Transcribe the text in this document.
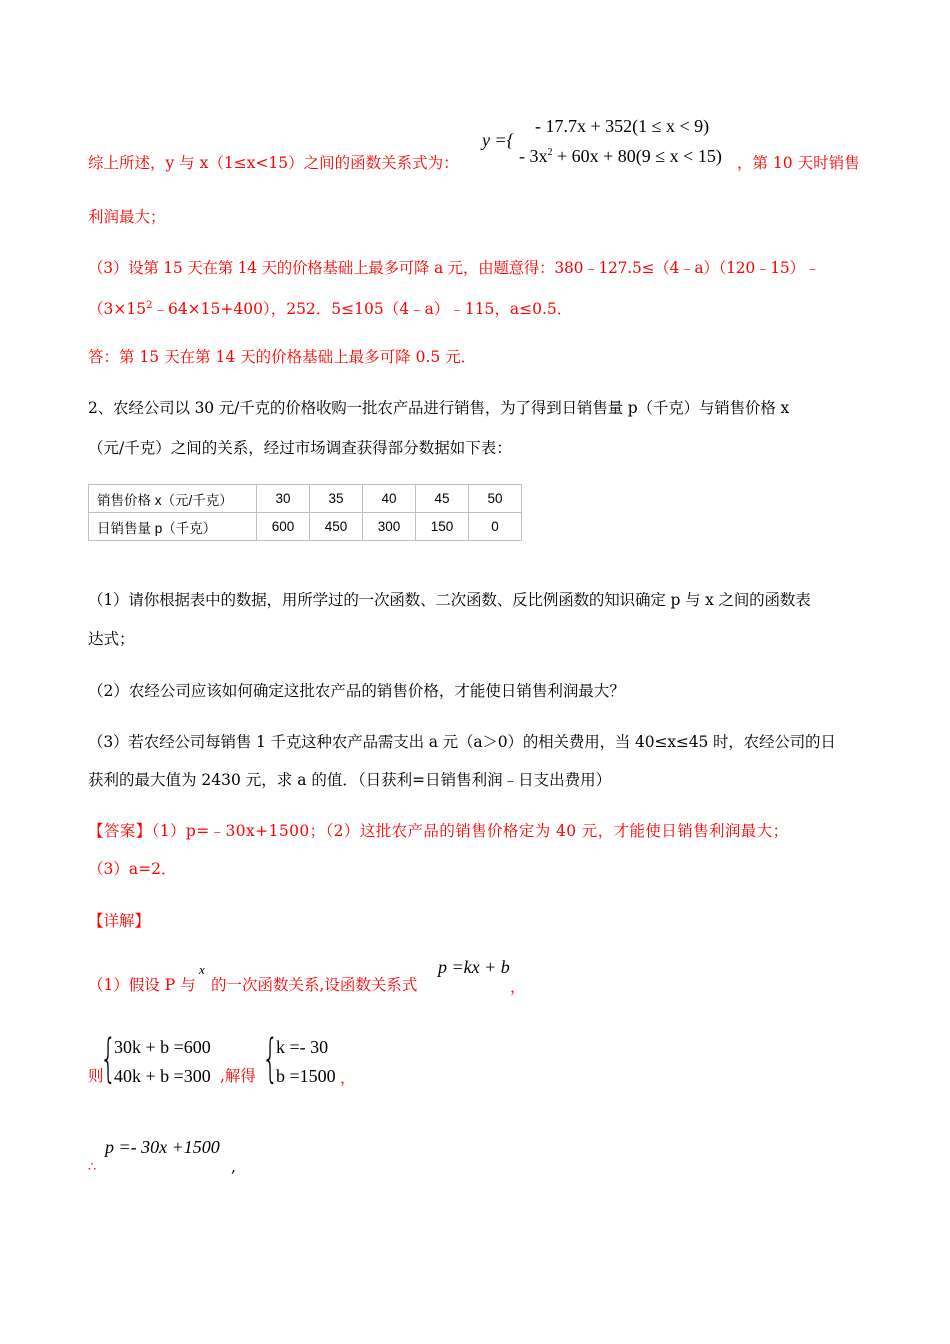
y ={
- 17.7x + 352(1 ≤ x < 9)
- $3x^2 + 60x + 80(9 \le x < 15)$
综上所述，y 与 x（1≤x<15）之间的函数关系式为：	，第 10 天时销售
利润最大；
（3）设第 15 天在第 14 天的价格基础上最多可降 a 元，由题意得：380﹣127.5≤（4﹣a）（120﹣15）﹣
$(3\times 15^2﹣64\times 15+400)$，252．5≤105（4﹣a）﹣115，a≤0.5．
答：第 15 天在第 14 天的价格基础上最多可降 0.5 元．
2、农经公司以 30 元/千克的价格收购一批农产品进行销售，为了得到日销售量 p（千克）与销售价格 x
（元/千克）之间的关系，经过市场调查获得部分数据如下表：
销售价格 x（元/千克）	30	35	40	45	50
日销售量 p（千克）	600	450	300	150	0
（1）请你根据表中的数据，用所学过的一次函数、二次函数、反比例函数的知识确定 p 与 x 之间的函数表
达式；
（2）农经公司应该如何确定这批农产品的销售价格，才能使日销售利润最大？
（3）若农经公司每销售 1 千克这种农产品需支出 a 元（a＞0）的相关费用，当 40≤x≤45 时，农经公司的日
获利的最大值为 2430 元，求 a 的值．（日获利=日销售利润﹣日支出费用）
【答案】（1）p=﹣30x+1500；（2）这批农产品的销售价格定为 40 元，才能使日销售利润最大；
（3）a=2．
【详解】
（1）假设 P 与
x
的一次函数关系,设函数关系式
p =kx + b
，
则
{
30k + b =600
40k + b =300 ,解得 {
k =- 30
b =1500 ，
∴
p =- 30x +1500
,
